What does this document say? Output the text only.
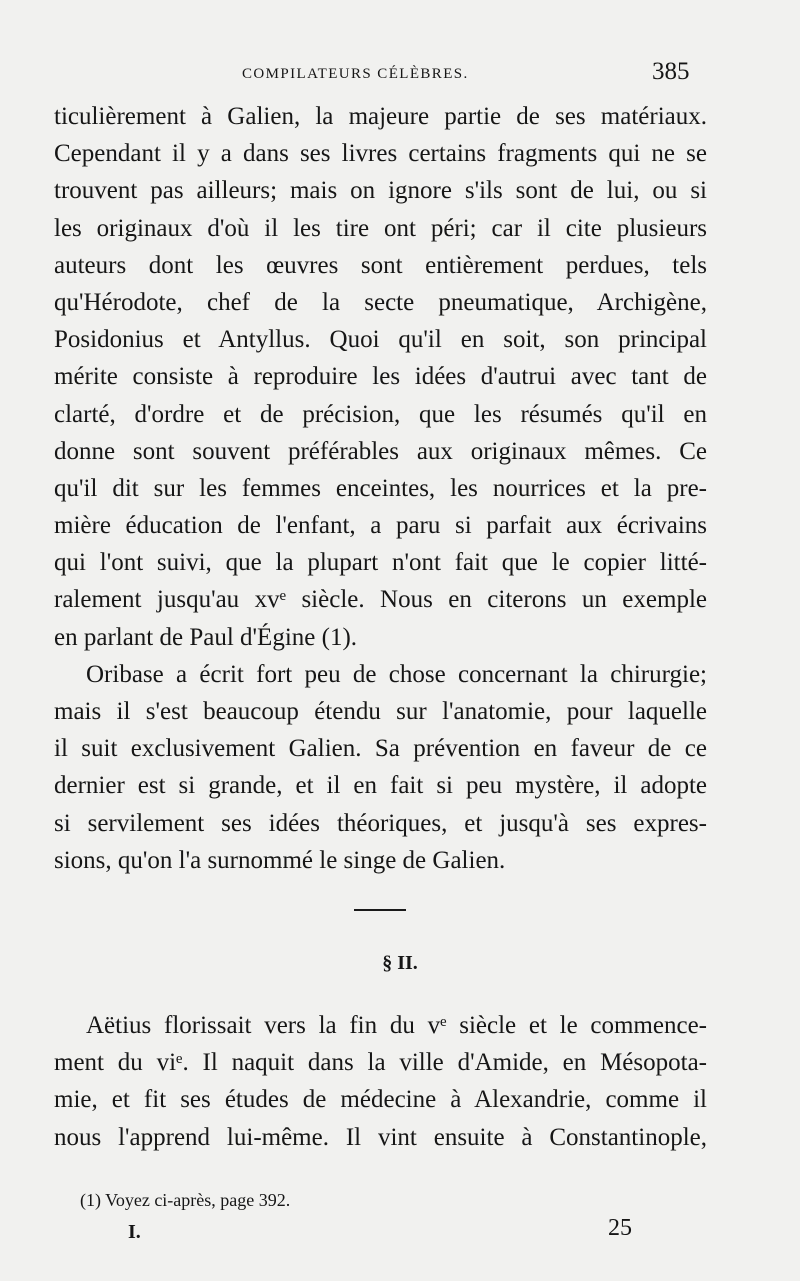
COMPILATEURS CÉLÈBRES.	385
ticulièrement à Galien, la majeure partie de ses matériaux.
Cependant il y a dans ses livres certains fragments qui ne se
trouvent pas ailleurs; mais on ignore s'ils sont de lui, ou si
les originaux d'où il les tire ont péri; car il cite plusieurs
auteurs dont les œuvres sont entièrement perdues, tels
qu'Hérodote, chef de la secte pneumatique, Archigène,
Posidonius et Antyllus. Quoi qu'il en soit, son principal
mérite consiste à reproduire les idées d'autrui avec tant de
clarté, d'ordre et de précision, que les résumés qu'il en
donne sont souvent préférables aux originaux mêmes. Ce
qu'il dit sur les femmes enceintes, les nourrices et la pre-
mière éducation de l'enfant, a paru si parfait aux écrivains
qui l'ont suivi, que la plupart n'ont fait que le copier litté-
ralement jusqu'au xvᵉ siècle. Nous en citerons un exemple
en parlant de Paul d'Égine (1).
Oribase a écrit fort peu de chose concernant la chirurgie;
mais il s'est beaucoup étendu sur l'anatomie, pour laquelle
il suit exclusivement Galien. Sa prévention en faveur de ce
dernier est si grande, et il en fait si peu mystère, il adopte
si servilement ses idées théoriques, et jusqu'à ses expres-
sions, qu'on l'a surnommé le singe de Galien.
§ II.
Aëtius florissait vers la fin du vᵉ siècle et le commence-
ment du viᵉ. Il naquit dans la ville d'Amide, en Mésopota-
mie, et fit ses études de médecine à Alexandrie, comme il
nous l'apprend lui-même. Il vint ensuite à Constantinople,
(1) Voyez ci-après, page 392.
I.	25
